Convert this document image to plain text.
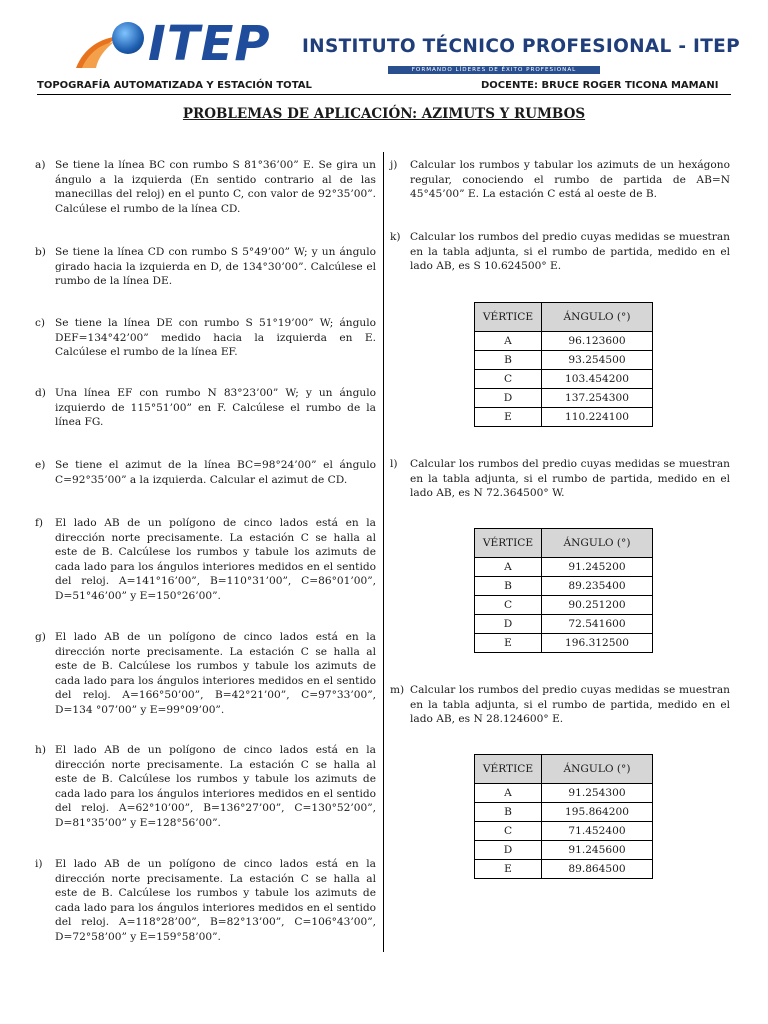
ITEP INSTITUTO TÉCNICO PROFESIONAL - ITEP
FORMANDO LÍDERES DE ÉXITO PROFESIONAL
TOPOGRAFÍA AUTOMATIZADA Y ESTACIÓN TOTAL	DOCENTE: BRUCE ROGER TICONA MAMANI
PROBLEMAS DE APLICACIÓN: AZIMUTS Y RUMBOS
a) Se tiene la línea BC con rumbo S 81°36’00” E. Se gira un ángulo a la izquierda (En sentido contrario al de las manecillas del reloj) en el punto C, con valor de 92°35’00”. Calcúlese el rumbo de la línea CD.
b) Se tiene la línea CD con rumbo S 5°49’00” W; y un ángulo girado hacia la izquierda en D, de 134°30’00”. Calcúlese el rumbo de la línea DE.
c) Se tiene la línea DE con rumbo S 51°19’00” W; ángulo DEF=134°42’00” medido hacia la izquierda en E. Calcúlese el rumbo de la línea EF.
d) Una línea EF con rumbo N 83°23’00” W; y un ángulo izquierdo de 115°51’00” en F. Calcúlese el rumbo de la línea FG.
e) Se tiene el azimut de la línea BC=98°24’00” el ángulo C=92°35’00” a la izquierda. Calcular el azimut de CD.
f)	El lado AB de un polígono de cinco lados está en la dirección norte precisamente. La estación C se halla al este de B. Calcúlese los rumbos y tabule los azimuts de cada lado para los ángulos interiores medidos en el sentido del reloj. A=141°16’00”, B=110°31’00”, C=86°01’00”, D=51°46’00” y E=150°26’00”.
g) El lado AB de un polígono de cinco lados está en la dirección norte precisamente. La estación C se halla al este de B. Calcúlese los rumbos y tabule los azimuts de cada lado para los ángulos interiores medidos en el sentido del reloj. A=166°50’00”, B=42°21’00”, C=97°33’00”, D=134 °07’00” y E=99°09’00”.
h) El lado AB de un polígono de cinco lados está en la dirección norte precisamente. La estación C se halla al este de B. Calcúlese los rumbos y tabule los azimuts de cada lado para los ángulos interiores medidos en el sentido del reloj. A=62°10’00”, B=136°27’00”, C=130°52’00”, D=81°35’00” y E=128°56’00”.
i)	El lado AB de un polígono de cinco lados está en la dirección norte precisamente. La estación C se halla al este de B. Calcúlese los rumbos y tabule los azimuts de cada lado para los ángulos interiores medidos en el sentido del reloj. A=118°28’00”, B=82°13’00”, C=106°43’00”, D=72°58’00” y E=159°58’00”.
j)	Calcular los rumbos y tabular los azimuts de un hexágono regular, conociendo el rumbo de partida de AB=N 45°45’00” E. La estación C está al oeste de B.
k) Calcular los rumbos del predio cuyas medidas se muestran en la tabla adjunta, si el rumbo de partida, medido en el lado AB, es S 10.624500° E.
VÉRTICE	ÁNGULO (°)
A	96.123600
B	93.254500
C	103.454200
D	137.254300
E	110.224100
l)	Calcular los rumbos del predio cuyas medidas se muestran en la tabla adjunta, si el rumbo de partida, medido en el lado AB, es N 72.364500° W.
VÉRTICE	ÁNGULO (°)
A	91.245200
B	89.235400
C	90.251200
D	72.541600
E	196.312500
m) Calcular los rumbos del predio cuyas medidas se muestran en la tabla adjunta, si el rumbo de partida, medido en el lado AB, es N 28.124600° E.
VÉRTICE	ÁNGULO (°)
A	91.254300
B	195.864200
C	71.452400
D	91.245600
E	89.864500
